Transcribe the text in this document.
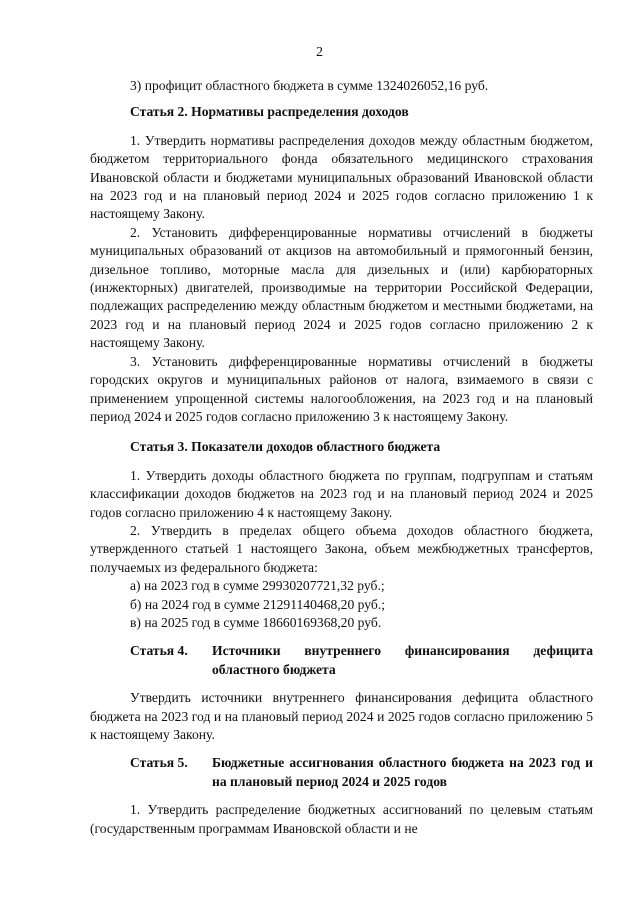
2

3) профицит областного бюджета в сумме 1324026052,16 руб.

Статья 2. Нормативы распределения доходов

1. Утвердить нормативы распределения доходов между областным бюджетом, бюджетом территориального фонда обязательного медицинского страхования Ивановской области и бюджетами муниципальных образований Ивановской области на 2023 год и на плановый период 2024 и 2025 годов согласно приложению 1 к настоящему Закону.

2. Установить дифференцированные нормативы отчислений в бюджеты муниципальных образований от акцизов на автомобильный и прямогонный бензин, дизельное топливо, моторные масла для дизельных и (или) карбюраторных (инжекторных) двигателей, производимые на территории Российской Федерации, подлежащих распределению между областным бюджетом и местными бюджетами, на 2023 год и на плановый период 2024 и 2025 годов согласно приложению 2 к настоящему Закону.

3. Установить дифференцированные нормативы отчислений в бюджеты городских округов и муниципальных районов от налога, взимаемого в связи с применением упрощенной системы налогообложения, на 2023 год и на плановый период 2024 и 2025 годов согласно приложению 3 к настоящему Закону.

Статья 3. Показатели доходов областного бюджета

1. Утвердить доходы областного бюджета по группам, подгруппам и статьям классификации доходов бюджетов на 2023 год и на плановый период 2024 и 2025 годов согласно приложению 4 к настоящему Закону.

2. Утвердить в пределах общего объема доходов областного бюджета, утвержденного статьей 1 настоящего Закона, объем межбюджетных трансфертов, получаемых из федерального бюджета:

а) на 2023 год в сумме 29930207721,32 руб.;

б) на 2024 год в сумме 21291140468,20 руб.;

в) на 2025 год в сумме 18660169368,20 руб.

Статья 4.	Источники внутреннего финансирования дефицита областного бюджета

Утвердить источники внутреннего финансирования дефицита областного бюджета на 2023 год и на плановый период 2024 и 2025 годов согласно приложению 5 к настоящему Закону.

Статья 5.	Бюджетные ассигнования областного бюджета на 2023 год и на плановый период 2024 и 2025 годов

1. Утвердить распределение бюджетных ассигнований по целевым статьям (государственным программам Ивановской области и не
